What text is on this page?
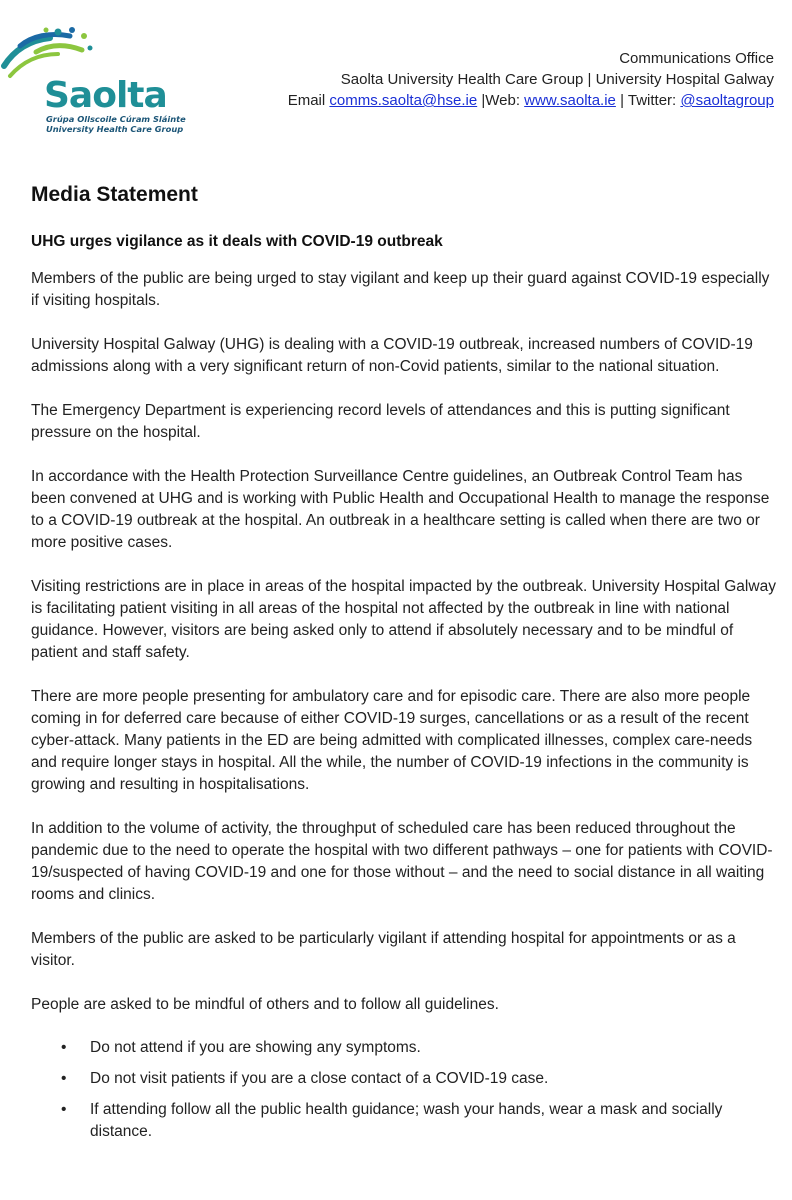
Saolta
Grúpa Ollscoile Cúram Sláinte
University Health Care Group
Communications Office
Saolta University Health Care Group | University Hospital Galway
Email comms.saolta@hse.ie |Web: www.saolta.ie | Twitter: @saoltagroup
Media Statement
UHG urges vigilance as it deals with COVID-19 outbreak

Members of the public are being urged to stay vigilant and keep up their guard against COVID-19 especially if visiting hospitals.

University Hospital Galway (UHG) is dealing with a COVID-19 outbreak, increased numbers of COVID-19 admissions along with a very significant return of non-Covid patients, similar to the national situation.

The Emergency Department is experiencing record levels of attendances and this is putting significant pressure on the hospital.

In accordance with the Health Protection Surveillance Centre guidelines, an Outbreak Control Team has been convened at UHG and is working with Public Health and Occupational Health to manage the response to a COVID-19 outbreak at the hospital. An outbreak in a healthcare setting is called when there are two or more positive cases.

Visiting restrictions are in place in areas of the hospital impacted by the outbreak. University Hospital Galway is facilitating patient visiting in all areas of the hospital not affected by the outbreak in line with national guidance. However, visitors are being asked only to attend if absolutely necessary and to be mindful of patient and staff safety.

There are more people presenting for ambulatory care and for episodic care. There are also more people coming in for deferred care because of either COVID-19 surges, cancellations or as a result of the recent cyber-attack. Many patients in the ED are being admitted with complicated illnesses, complex care-needs and require longer stays in hospital. All the while, the number of COVID-19 infections in the community is growing and resulting in hospitalisations.

In addition to the volume of activity, the throughput of scheduled care has been reduced throughout the pandemic due to the need to operate the hospital with two different pathways – one for patients with COVID-19/suspected of having COVID-19 and one for those without – and the need to social distance in all waiting rooms and clinics.

Members of the public are asked to be particularly vigilant if attending hospital for appointments or as a visitor.

People are asked to be mindful of others and to follow all guidelines.

• Do not attend if you are showing any symptoms.
• Do not visit patients if you are a close contact of a COVID-19 case.
• If attending follow all the public health guidance; wash your hands, wear a mask and socially distance.
